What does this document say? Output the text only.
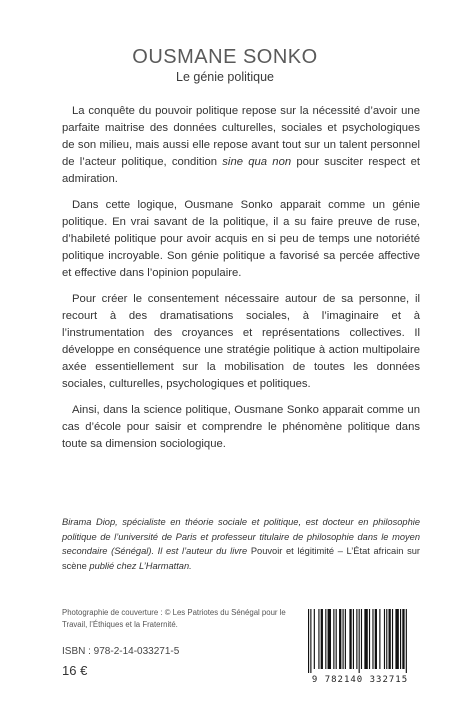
OUSMANE SONKO
Le génie politique

La conquête du pouvoir politique repose sur la nécessité d’avoir une parfaite maitrise des données culturelles, sociales et psychologiques de son milieu, mais aussi elle repose avant tout sur un talent personnel de l’acteur politique, condition sine qua non pour susciter respect et admiration.

Dans cette logique, Ousmane Sonko apparait comme un génie politique. En vrai savant de la politique, il a su faire preuve de ruse, d’habileté politique pour avoir acquis en si peu de temps une notoriété politique incroyable. Son génie politique a favorisé sa percée affective et effective dans l’opinion populaire.

Pour créer le consentement nécessaire autour de sa personne, il recourt à des dramatisations sociales, à l’imaginaire et à l’instrumentation des croyances et représentations collectives. Il développe en conséquence une stratégie politique à action multipolaire axée essentiellement sur la mobilisation de toutes les données sociales, culturelles, psychologiques et politiques.

Ainsi, dans la science politique, Ousmane Sonko apparait comme un cas d’école pour saisir et comprendre le phénomène politique dans toute sa dimension sociologique.

Birama Diop, spécialiste en théorie sociale et politique, est docteur en philosophie politique de l’université de Paris et professeur titulaire de philosophie dans le moyen secondaire (Sénégal). Il est l’auteur du livre Pouvoir et légitimité – L’État africain sur scène publié chez L’Harmattan.

Photographie de couverture : © Les Patriotes du Sénégal pour le Travail, l’Éthiques et la Fraternité.

ISBN : 978-2-14-033271-5
16 €
9 782140 332715
